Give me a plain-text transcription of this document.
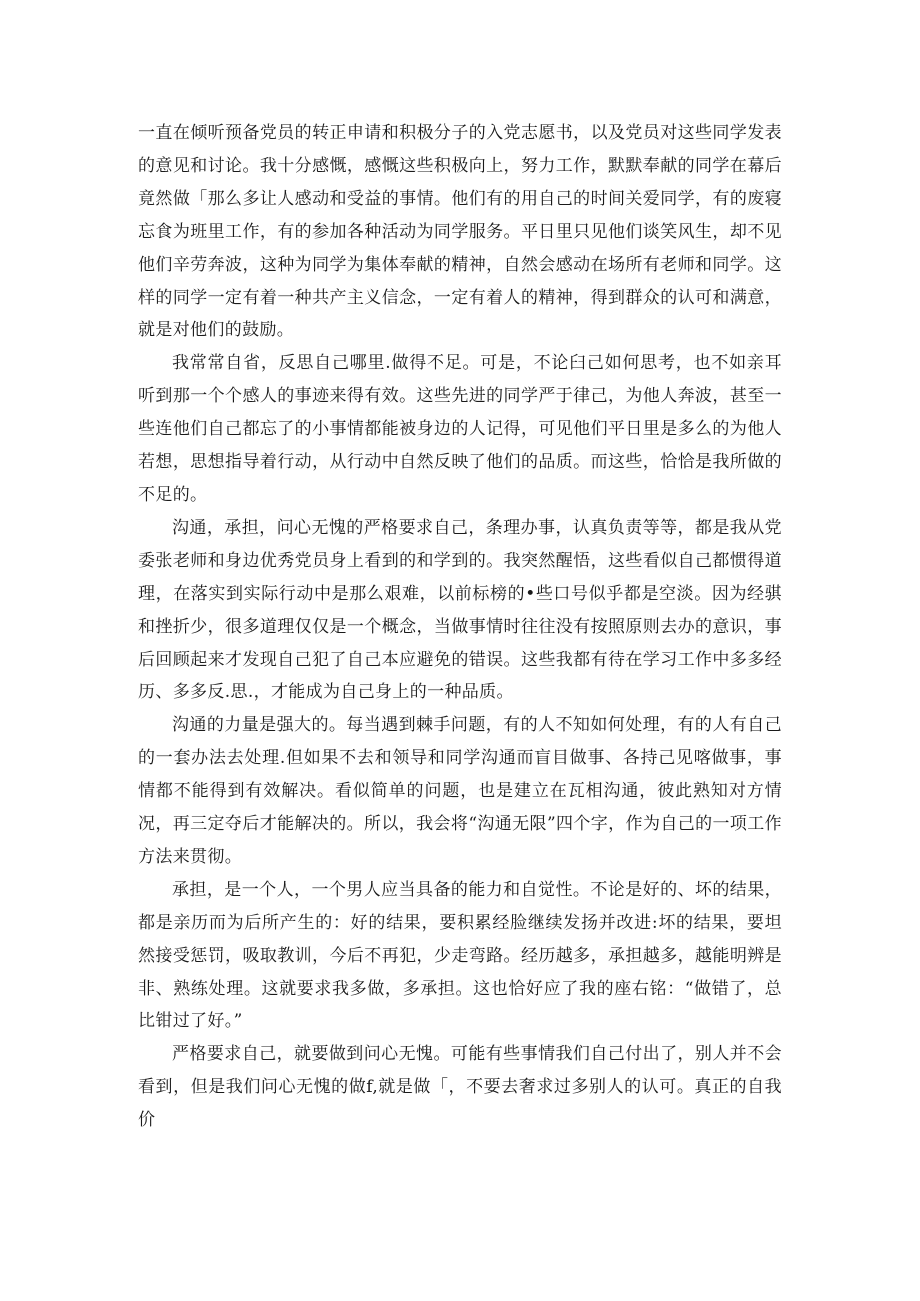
一直在倾听预备党员的转正申请和积极分子的入党志愿书，以及党员对这些同学发表的意见和讨论。我十分感慨，感慨这些积极向上，努力工作，默默奉献的同学在幕后竟然做「那么多让人感动和受益的事情。他们有的用自己的时间关爱同学，有的废寝忘食为班里工作，有的参加各种活动为同学服务。平日里只见他们谈笑风生，却不见他们辛劳奔波，这种为同学为集体奉献的精神，自然会感动在场所有老师和同学。这样的同学一定有着一种共产主义信念，一定有着人的精神，得到群众的认可和满意，就是对他们的鼓励。

我常常自省，反思自己哪里.做得不足。可是，不论臼己如何思考，也不如亲耳听到那一个个感人的事迹来得有效。这些先进的同学严于律己，为他人奔波，甚至一些连他们自己都忘了的小事情都能被身边的人记得，可见他们平日里是多么的为他人若想，思想指导着行动，从行动中自然反映了他们的品质。而这些，恰恰是我所做的不足的。

沟通，承担，问心无愧的严格要求自己，条理办事，认真负责等等，都是我从党委张老师和身边优秀党员身上看到的和学到的。我突然醒悟，这些看似自己都惯得道理，在落实到实际行动中是那么艰难，以前标榜的•些口号似乎都是空淡。因为经骐和挫折少，很多道理仅仅是一个概念，当做事情时往往没有按照原则去办的意识，事后回顾起来才发现自己犯了自己本应避免的错误。这些我都有待在学习工作中多多经历、多多反.思.，才能成为自己身上的一种品质。

沟通的力量是强大的。每当遇到棘手问题，有的人不知如何处理，有的人有自己的一套办法去处理.但如果不去和领导和同学沟通而盲目做事、各持己见喀做事，事情都不能得到有效解决。看似简单的问题，也是建立在瓦相沟通，彼此熟知对方情况，再三定夺后才能解决的。所以，我会将“沟通无限”四个字，作为自己的一项工作方法来贯彻。

承担，是一个人，一个男人应当具备的能力和自觉性。不论是好的、坏的结果，都是亲历而为后所产生的：好的结果，要积累经脸继续发扬并改进:坏的结果，要坦然接受惩罚，吸取教训，今后不再犯，少走弯路。经历越多，承担越多，越能明辨是非、熟练处理。这就要求我多做，多承担。这也恰好应了我的座右铭：“做错了，总比钳过了好。”

严格要求自己，就要做到问心无愧。可能有些事情我们自己付出了，别人并不会看到，但是我们问心无愧的做f,就是做「，不要去奢求过多别人的认可。真正的自我价
